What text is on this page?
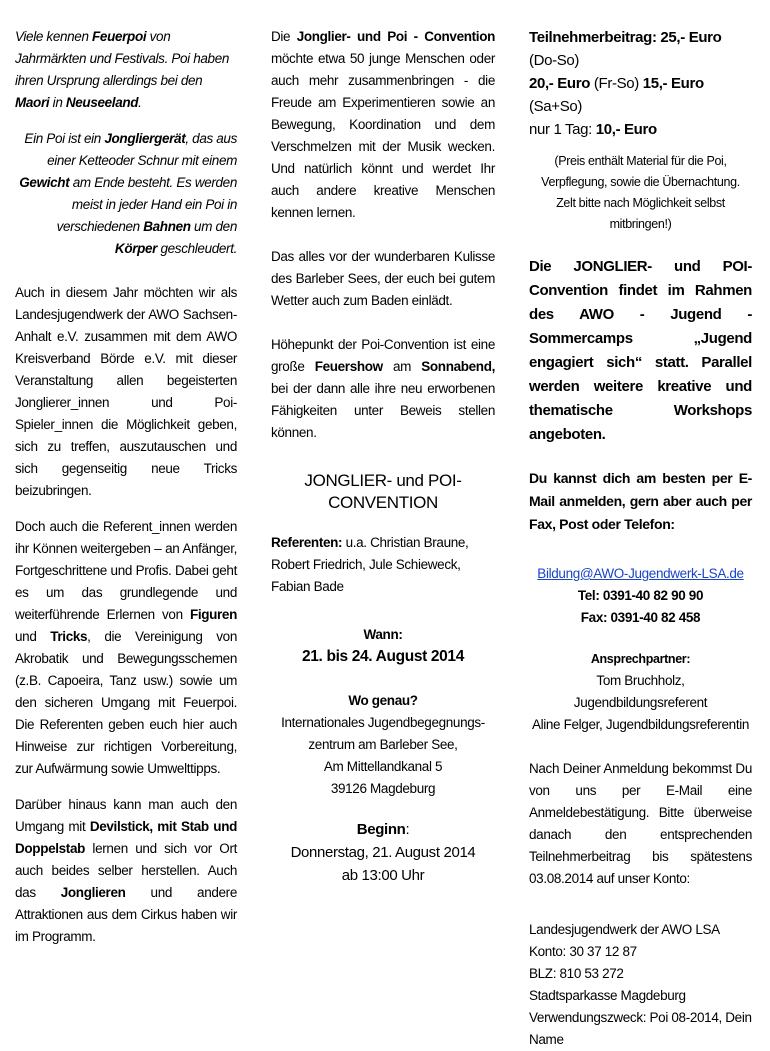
Viele kennen Feuerpoi von Jahrmärkten und Festivals. Poi haben ihren Ursprung allerdings bei den Maori in Neuseeland.

Ein Poi ist ein Jongliergerät, das aus einer Ketteoder Schnur mit einem Gewicht am Ende besteht. Es werden meist in jeder Hand ein Poi in verschiedenen Bahnen um den Körper geschleudert.

Auch in diesem Jahr möchten wir als Landesjugendwerk der AWO Sachsen-Anhalt e.V. zusammen mit dem AWO Kreisverband Börde e.V. mit dieser Veranstaltung allen begeisterten Jonglierer_innen und Poi-Spieler_innen die Möglichkeit geben, sich zu treffen, auszutauschen und sich gegenseitig neue Tricks beizubringen.

Doch auch die Referent_innen werden ihr Können weitergeben – an Anfänger, Fortgeschrittene und Profis. Dabei geht es um das grundlegende und weiterführende Erlernen von Figuren und Tricks, die Vereinigung von Akrobatik und Bewegungsschemen (z.B. Capoeira, Tanz usw.) sowie um den sicheren Umgang mit Feuerpoi. Die Referenten geben euch hier auch Hinweise zur richtigen Vorbereitung, zur Aufwärmung sowie Umwelttipps.

Darüber hinaus kann man auch den Umgang mit Devilstick, mit Stab und Doppelstab lernen und sich vor Ort auch beides selber herstellen. Auch das Jonglieren und andere Attraktionen aus dem Cirkus haben wir im Programm.

Die Jonglier- und Poi - Convention möchte etwa 50 junge Menschen oder auch mehr zusammenbringen - die Freude am Experimentieren sowie an Bewegung, Koordination und dem Verschmelzen mit der Musik wecken. Und natürlich könnt und werdet Ihr auch andere kreative Menschen kennen lernen.

Das alles vor der wunderbaren Kulisse des Barleber Sees, der euch bei gutem Wetter auch zum Baden einlädt.

Höhepunkt der Poi-Convention ist eine große Feuershow am Sonnabend, bei der dann alle ihre neu erworbenen Fähigkeiten unter Beweis stellen können.

JONGLIER- und POI-
CONVENTION

Referenten: u.a. Christian Braune, Robert Friedrich, Jule Schieweck, Fabian Bade

Wann:
21. bis 24. August 2014
Wo genau?
Internationales Jugendbegegnungs-
zentrum am Barleber See,
Am Mittellandkanal 5
39126 Magdeburg
Beginn:
Donnerstag, 21. August 2014
ab 13:00 Uhr
Teilnehmerbeitrag: 25,- Euro (Do-So)
20,- Euro (Fr-So) 15,- Euro (Sa+So)
nur 1 Tag: 10,- Euro
(Preis enthält Material für die Poi,
Verpflegung, sowie die Übernachtung.
Zelt bitte nach Möglichkeit selbst mitbringen!)

Die JONGLIER- und POI-Convention findet im Rahmen des AWO - Jugend - Sommercamps „Jugend engagiert sich“ statt. Parallel werden weitere kreative und thematische Workshops angeboten.

Du kannst dich am besten per E-Mail anmelden, gern aber auch per Fax, Post oder Telefon:

Bildung@AWO-Jugendwerk-LSA.de
Tel: 0391-40 82 90 90
Fax: 0391-40 82 458
Ansprechpartner:
Tom Bruchholz, Jugendbildungsreferent
Aline Felger, Jugendbildungsreferentin

Nach Deiner Anmeldung bekommst Du von uns per E-Mail eine Anmeldebestätigung. Bitte überweise danach den entsprechenden Teilnehmerbeitrag bis spätestens 03.08.2014 auf unser Konto:

Landesjugendwerk der AWO LSA
Konto: 30 37 12 87
BLZ: 810 53 272
Stadtsparkasse Magdeburg
Verwendungszweck: Poi 08-2014, Dein Name
